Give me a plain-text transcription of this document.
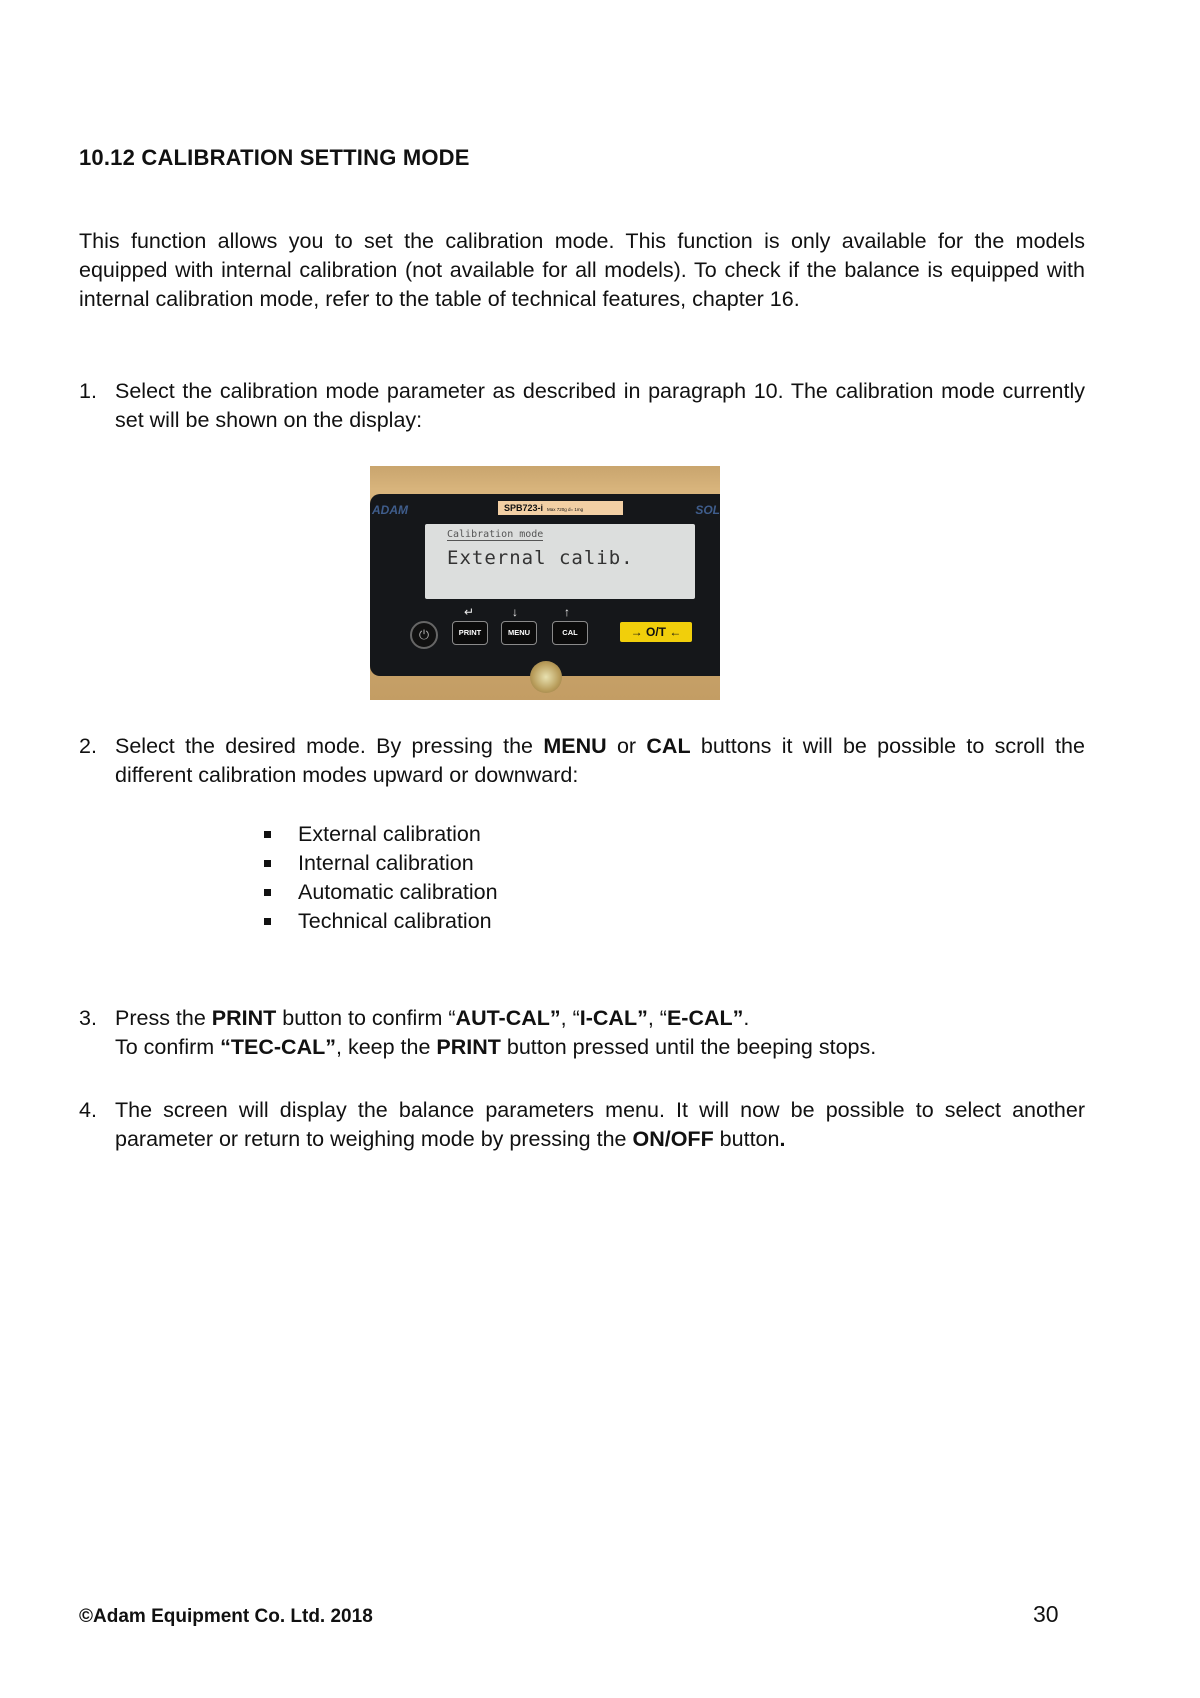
10.12 CALIBRATION SETTING MODE
This function allows you to set the calibration mode. This function is only available for the models equipped with internal calibration (not available for all models). To check if the balance is equipped with internal calibration mode, refer to the table of technical features, chapter 16.
1. Select the calibration mode parameter as described in paragraph 10. The calibration mode currently set will be shown on the display:
ADAM	SOL
SPB723-i Max 720g d= 1mg
Calibration mode
External calib.
↵	↓	↑
⏻	PRINT	MENU	CAL	→ O/T ←
2. Select the desired mode. By pressing the MENU or CAL buttons it will be possible to scroll the different calibration modes upward or downward:
External calibration
Internal calibration
Automatic calibration
Technical calibration
3. Press the PRINT button to confirm “AUT-CAL”, “I-CAL”, “E-CAL”.
To confirm “TEC-CAL”, keep the PRINT button pressed until the beeping stops.
4. The screen will display the balance parameters menu. It will now be possible to select another parameter or return to weighing mode by pressing the ON/OFF button.
©Adam Equipment Co. Ltd. 2018	30
